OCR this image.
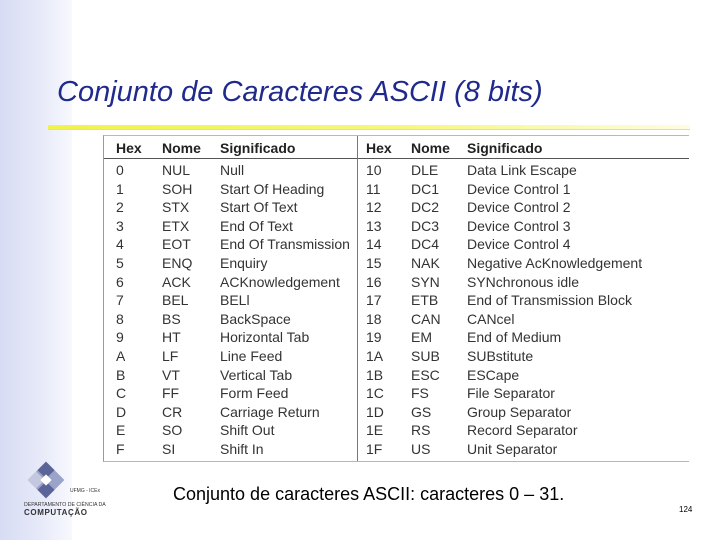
Conjunto de Caracteres ASCII (8 bits)
Hex Nome Significado	Hex Nome Significado
0	NUL Null	10 DLE Data Link Escape
1	SOH Start Of Heading	11 DC1 Device Control 1
2	STX Start Of Text	12 DC2 Device Control 2
3	ETX End Of Text	13 DC3 Device Control 3
4	EOT End Of Transmission 14 DC4 Device Control 4
5	ENQ Enquiry	15 NAK Negative AcKnowledgement
6	ACK ACKnowledgement	16 SYN SYNchronous idle
7	BEL BELl	17 ETB End of Transmission Block
8	BS	BackSpace	18 CAN CANcel
9	HT	Horizontal Tab	19 EM	End of Medium
A	LF	Line Feed	1A SUB SUBstitute
B	VT	Vertical Tab	1B ESC ESCape
C	FF	Form Feed	1C FS	File Separator
D	CR	Carriage Return	1D GS	Group Separator
E	SO	Shift Out	1E RS	Record Separator
F	SI	Shift In	1F US	Unit Separator
UFMG - ICEx
DEPARTAMENTO DE CIÊNCIA DA
COMPUTAÇÃO
Conjunto de caracteres ASCII: caracteres 0 – 31.
124
